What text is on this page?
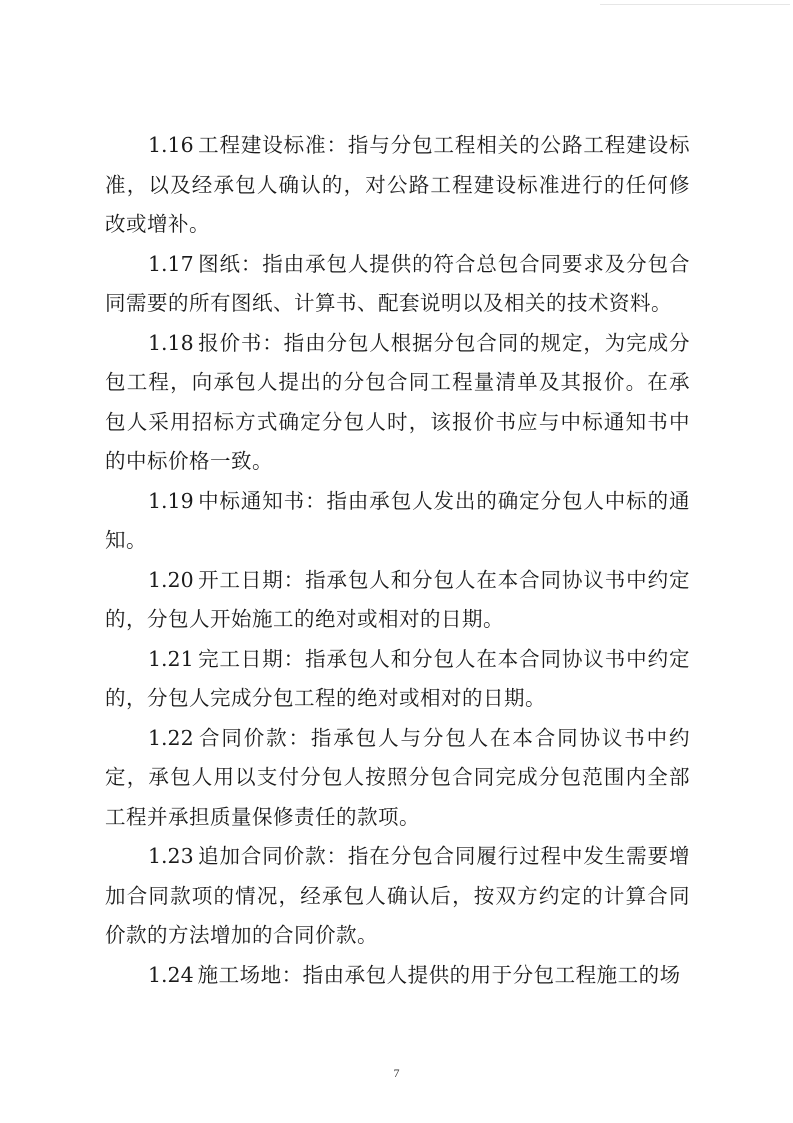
1.16 工程建设标准：指与分包工程相关的公路工程建设标准，以及经承包人确认的，对公路工程建设标准进行的任何修改或增补。

1.17 图纸：指由承包人提供的符合总包合同要求及分包合同需要的所有图纸、计算书、配套说明以及相关的技术资料。

1.18 报价书：指由分包人根据分包合同的规定，为完成分包工程，向承包人提出的分包合同工程量清单及其报价。在承包人采用招标方式确定分包人时，该报价书应与中标通知书中的中标价格一致。

1.19 中标通知书：指由承包人发出的确定分包人中标的通知。

1.20 开工日期：指承包人和分包人在本合同协议书中约定的，分包人开始施工的绝对或相对的日期。

1.21 完工日期：指承包人和分包人在本合同协议书中约定的，分包人完成分包工程的绝对或相对的日期。

1.22 合同价款：指承包人与分包人在本合同协议书中约定，承包人用以支付分包人按照分包合同完成分包范围内全部工程并承担质量保修责任的款项。

1.23 追加合同价款：指在分包合同履行过程中发生需要增加合同款项的情况，经承包人确认后，按双方约定的计算合同价款的方法增加的合同价款。

1.24 施工场地：指由承包人提供的用于分包工程施工的场

7
